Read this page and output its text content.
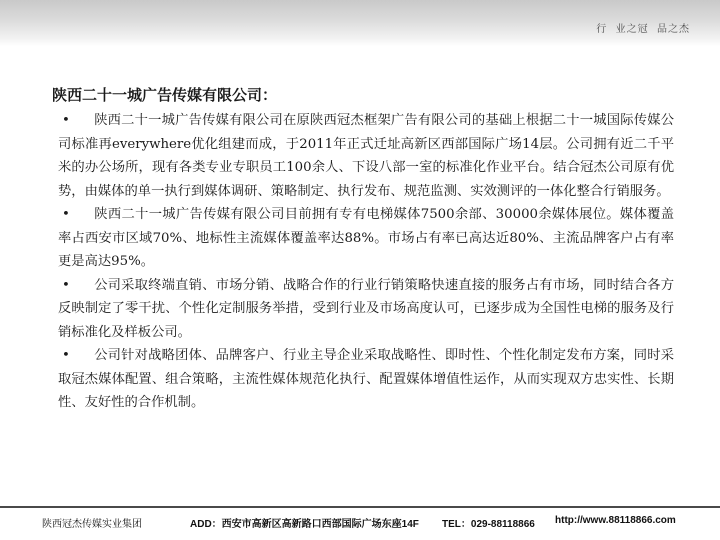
行  业之冠  品之杰
陕西二十一城广告传媒有限公司：

• 陕西二十一城广告传媒有限公司在原陕西冠杰框架广告有限公司的基础上根据二十一城国际传媒公司标准再everywhere优化组建而成，于2011年正式迁址高新区西部国际广场14层。公司拥有近二千平米的办公场所，现有各类专业专职员工100余人、下设八部一室的标准化作业平台。结合冠杰公司原有优势，由媒体的单一执行到媒体调研、策略制定、执行发布、规范监测、实效测评的一体化整合行销服务。

• 陕西二十一城广告传媒有限公司目前拥有专有电梯媒体7500余部、30000余媒体展位。媒体覆盖率占西安市区域70%、地标性主流媒体覆盖率达88%。市场占有率已高达近80%、主流品牌客户占有率更是高达95%。

• 公司采取终端直销、市场分销、战略合作的行业行销策略快速直接的服务占有市场，同时结合各方反映制定了零干扰、个性化定制服务举措，受到行业及市场高度认可，已逐步成为全国性电梯的服务及行销标准化及样板公司。

• 公司针对战略团体、品牌客户、行业主导企业采取战略性、即时性、个性化制定发布方案，同时采取冠杰媒体配置、组合策略，主流性媒体规范化执行、配置媒体增值性运作，从而实现双方忠实性、长期性、友好性的合作机制。

陕西冠杰传媒实业集团	ADD：西安市高新区高新路口西部国际广场东座14F TEL：029-88118866 http://www.88118866.com
